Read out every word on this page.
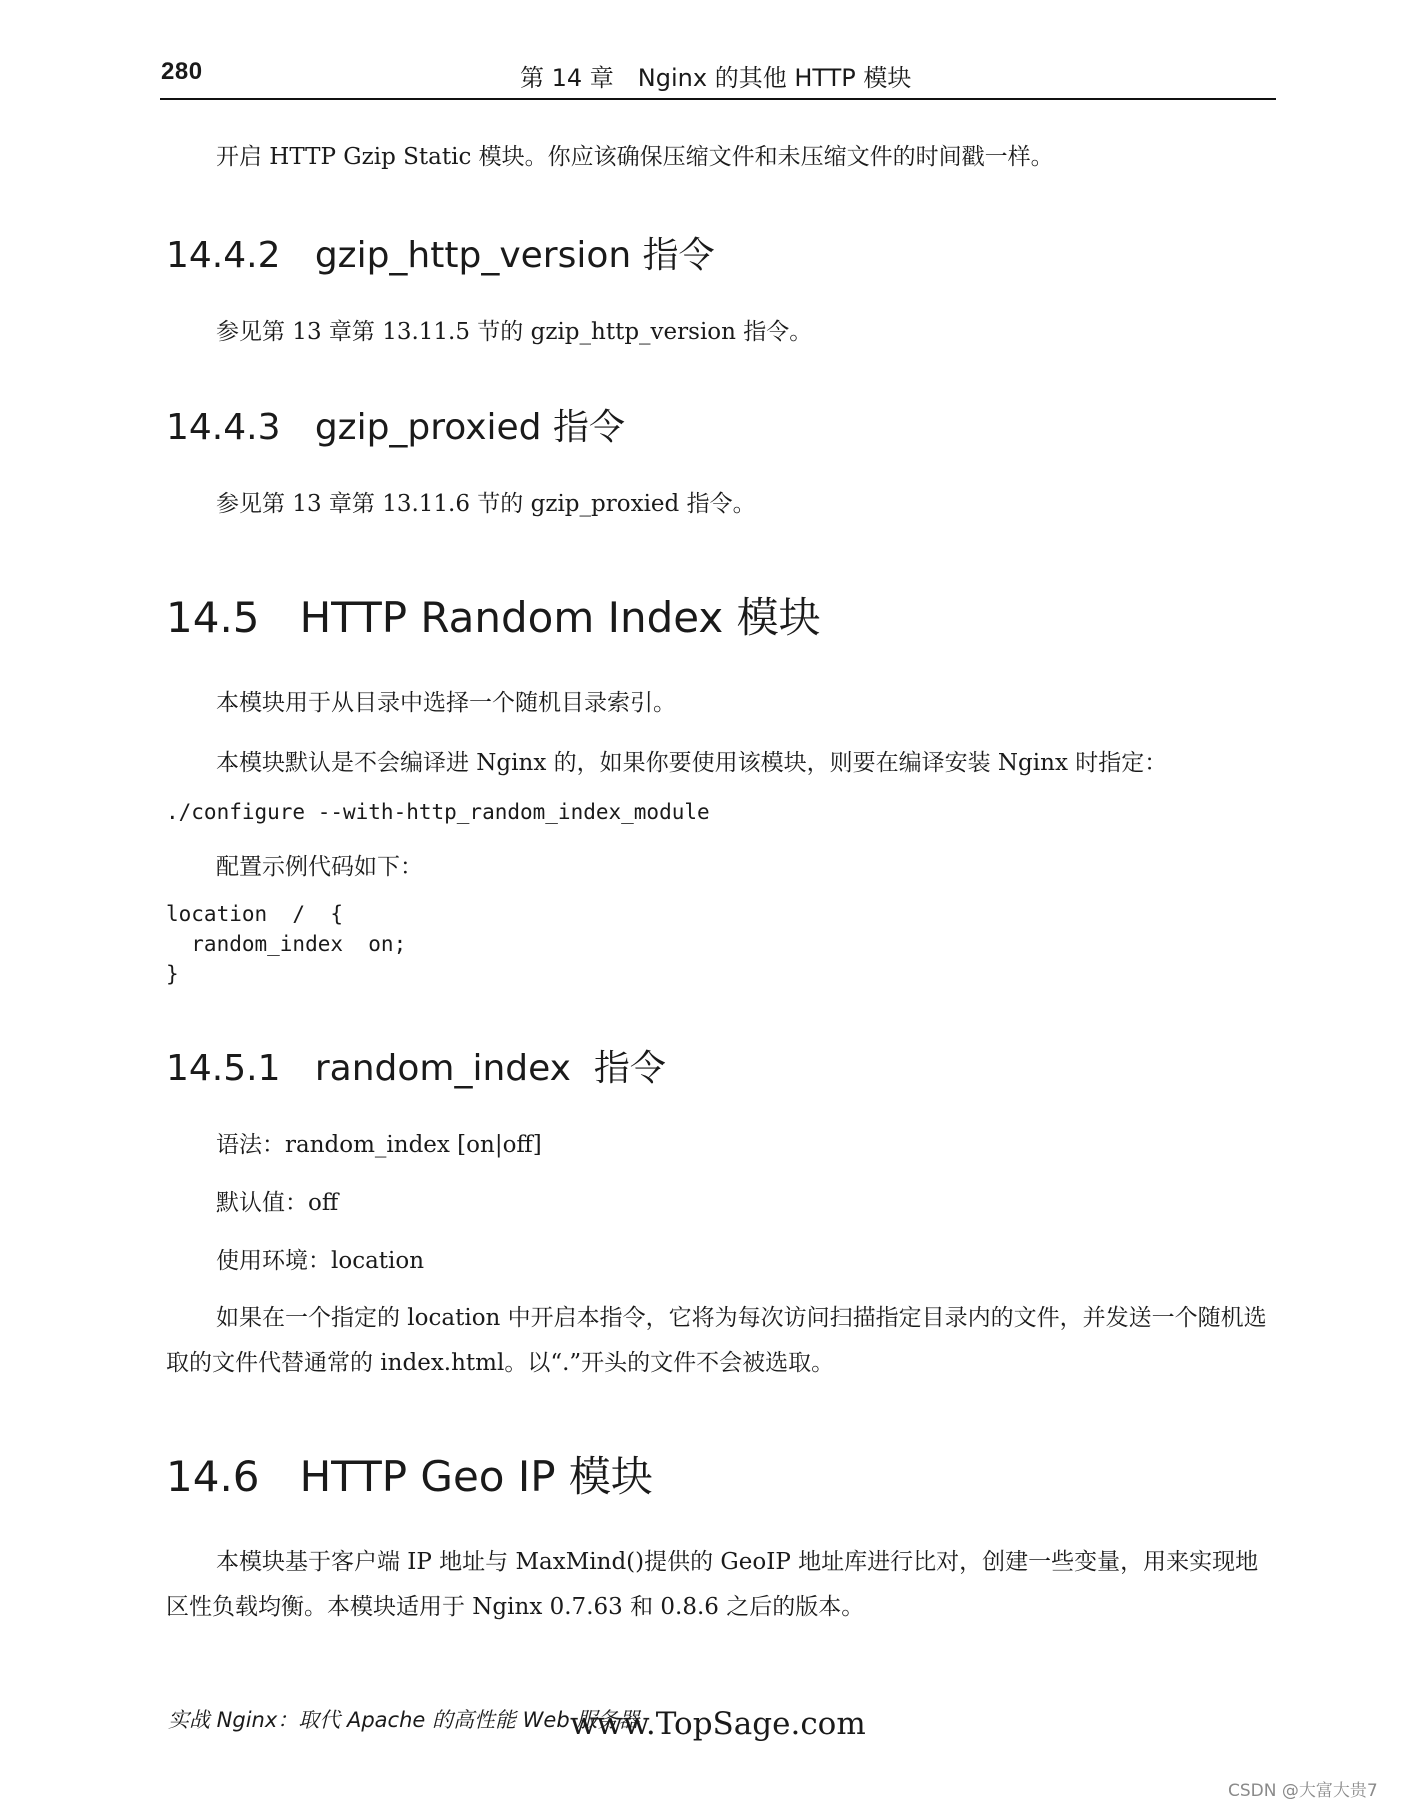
280	第 14 章　Nginx 的其他 HTTP 模块
开启 HTTP Gzip Static 模块。你应该确保压缩文件和未压缩文件的时间戳一样。
14.4.2   gzip_http_version 指令
参见第 13 章第 13.11.5 节的 gzip_http_version 指令。
14.4.3   gzip_proxied 指令
参见第 13 章第 13.11.6 节的 gzip_proxied 指令。
14.5   HTTP Random Index 模块
本模块用于从目录中选择一个随机目录索引。
本模块默认是不会编译进 Nginx 的，如果你要使用该模块，则要在编译安装 Nginx 时指定：
./configure --with-http_random_index_module
配置示例代码如下：
location  /  {
random_index  on;
}
14.5.1   random_index  指令
语法：random_index [on|off]
默认值：off
使用环境：location
如果在一个指定的 location 中开启本指令，它将为每次访问扫描指定目录内的文件，并发送一个随机选取的文件代替通常的 index.html。以“.”开头的文件不会被选取。
14.6   HTTP Geo IP 模块
本模块基于客户端 IP 地址与 MaxMind()提供的 GeoIP 地址库进行比对，创建一些变量，用来实现地区性负载均衡。本模块适用于 Nginx 0.7.63 和 0.8.6 之后的版本。
实战 Nginx：取代 Apache 的高性能 Web 服务器
www.TopSage.com
CSDN @大富大贵7
